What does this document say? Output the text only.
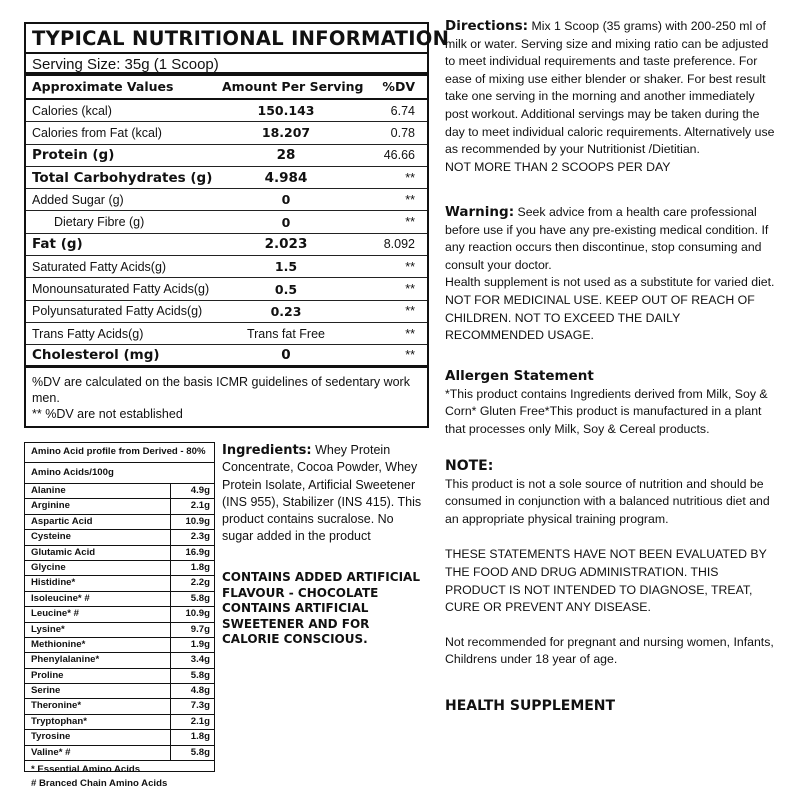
TYPICAL NUTRITIONAL INFORMATION
Serving Size: 35g (1 Scoop)
Approximate Values	Amount Per Serving	%DV
Calories (kcal)	150.143	6.74
Calories from Fat (kcal)	18.207	0.78
Protein (g)	28	46.66
Total Carbohydrates (g)	4.984	**
Added Sugar (g)	0	**
Dietary Fibre (g)	0	**
Fat (g)	2.023	8.092
Saturated Fatty Acids(g)	1.5	**
Monounsaturated Fatty Acids(g)	0.5	**
Polyunsaturated Fatty Acids(g)	0.23	**
Trans Fatty Acids(g)	Trans fat Free	**
Cholesterol (mg)	0	**
%DV are calculated on the basis ICMR guidelines of sedentary work men.
** %DV are not established
Amino Acid profile from Derived - 80%
Amino Acids/100g
Alanine	4.9g
Arginine	2.1g
Aspartic Acid	10.9g
Cysteine	2.3g
Glutamic Acid	16.9g
Glycine	1.8g
Histidine*	2.2g
Isoleucine* #	5.8g
Leucine* #	10.9g
Lysine*	9.7g
Methionine*	1.9g
Phenylalanine*	3.4g
Proline	5.8g
Serine	4.8g
Theronine*	7.3g
Tryptophan*	2.1g
Tyrosine	1.8g
Valine* #	5.8g
* Essential Amino Acids
# Branced Chain Amino Acids
Ingredients: Whey Protein Concentrate, Cocoa Powder, Whey Protein Isolate, Artificial Sweetener (INS 955), Stabilizer (INS 415). This product contains sucralose. No sugar added in the product
CONTAINS ADDED ARTIFICIAL FLAVOUR - CHOCOLATE CONTAINS ARTIFICIAL SWEETENER AND FOR CALORIE CONSCIOUS.
Directions: Mix 1 Scoop (35 grams) with 200-250 ml of milk or water. Serving size and mixing ratio can be adjusted to meet individual requirements and taste preference. For ease of mixing use either blender or shaker. For best result take one serving in the morning and another immediately post workout. Additional servings may be taken during the day to meet individual caloric requirements. Alternatively use as recommended by your Nutritionist /Dietitian.
NOT MORE THAN 2 SCOOPS PER DAY
Warning: Seek advice from a health care professional before use if you have any pre-existing medical condition. If any reaction occurs then discontinue, stop consuming and consult your doctor.
Health supplement is not used as a substitute for varied diet. NOT FOR MEDICINAL USE. KEEP OUT OF REACH OF CHILDREN. NOT TO EXCEED THE DAILY RECOMMENDED USAGE.
Allergen Statement
*This product contains Ingredients derived from Milk, Soy & Corn* Gluten Free*This product is manufactured in a plant that processes only Milk, Soy & Cereal products.
NOTE:
This product is not a sole source of nutrition and should be consumed in conjunction with a balanced nutritious diet and an appropriate physical training program.
THESE STATEMENTS HAVE NOT BEEN EVALUATED BY THE FOOD AND DRUG ADMINISTRATION. THIS PRODUCT IS NOT INTENDED TO DIAGNOSE, TREAT, CURE OR PREVENT ANY DISEASE.
Not recommended for pregnant and nursing women, Infants, Childrens under 18 year of age.
HEALTH SUPPLEMENT
